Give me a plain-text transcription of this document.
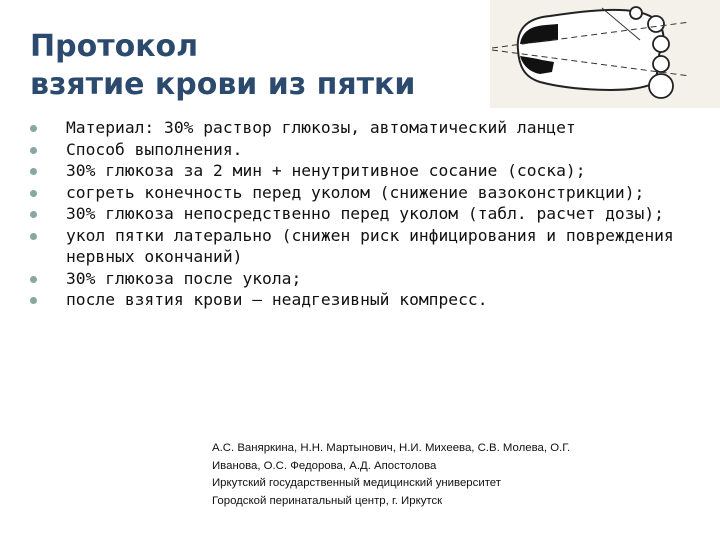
Протокол
взятие крови из пятки
Материал: 30% раствор глюкозы, автоматический ланцет
Способ выполнения.
30% глюкоза за 2 мин + ненутритивное сосание (соска);
согреть конечность перед уколом (снижение вазоконстрикции);
30% глюкоза непосредственно перед уколом (табл. расчет дозы);
укол пятки латерально (снижен риск инфицирования и повреждения нервных окончаний)
30% глюкоза после укола;
после взятия крови – неадгезивный компресс.
А.С. Ваняркина, Н.Н. Мартынович, Н.И. Михеева, С.В. Молева, О.Г.
Иванова, О.С. Федорова, А.Д. Апостолова
Иркутский государственный медицинский университет
Городской перинатальный центр, г. Иркутск
